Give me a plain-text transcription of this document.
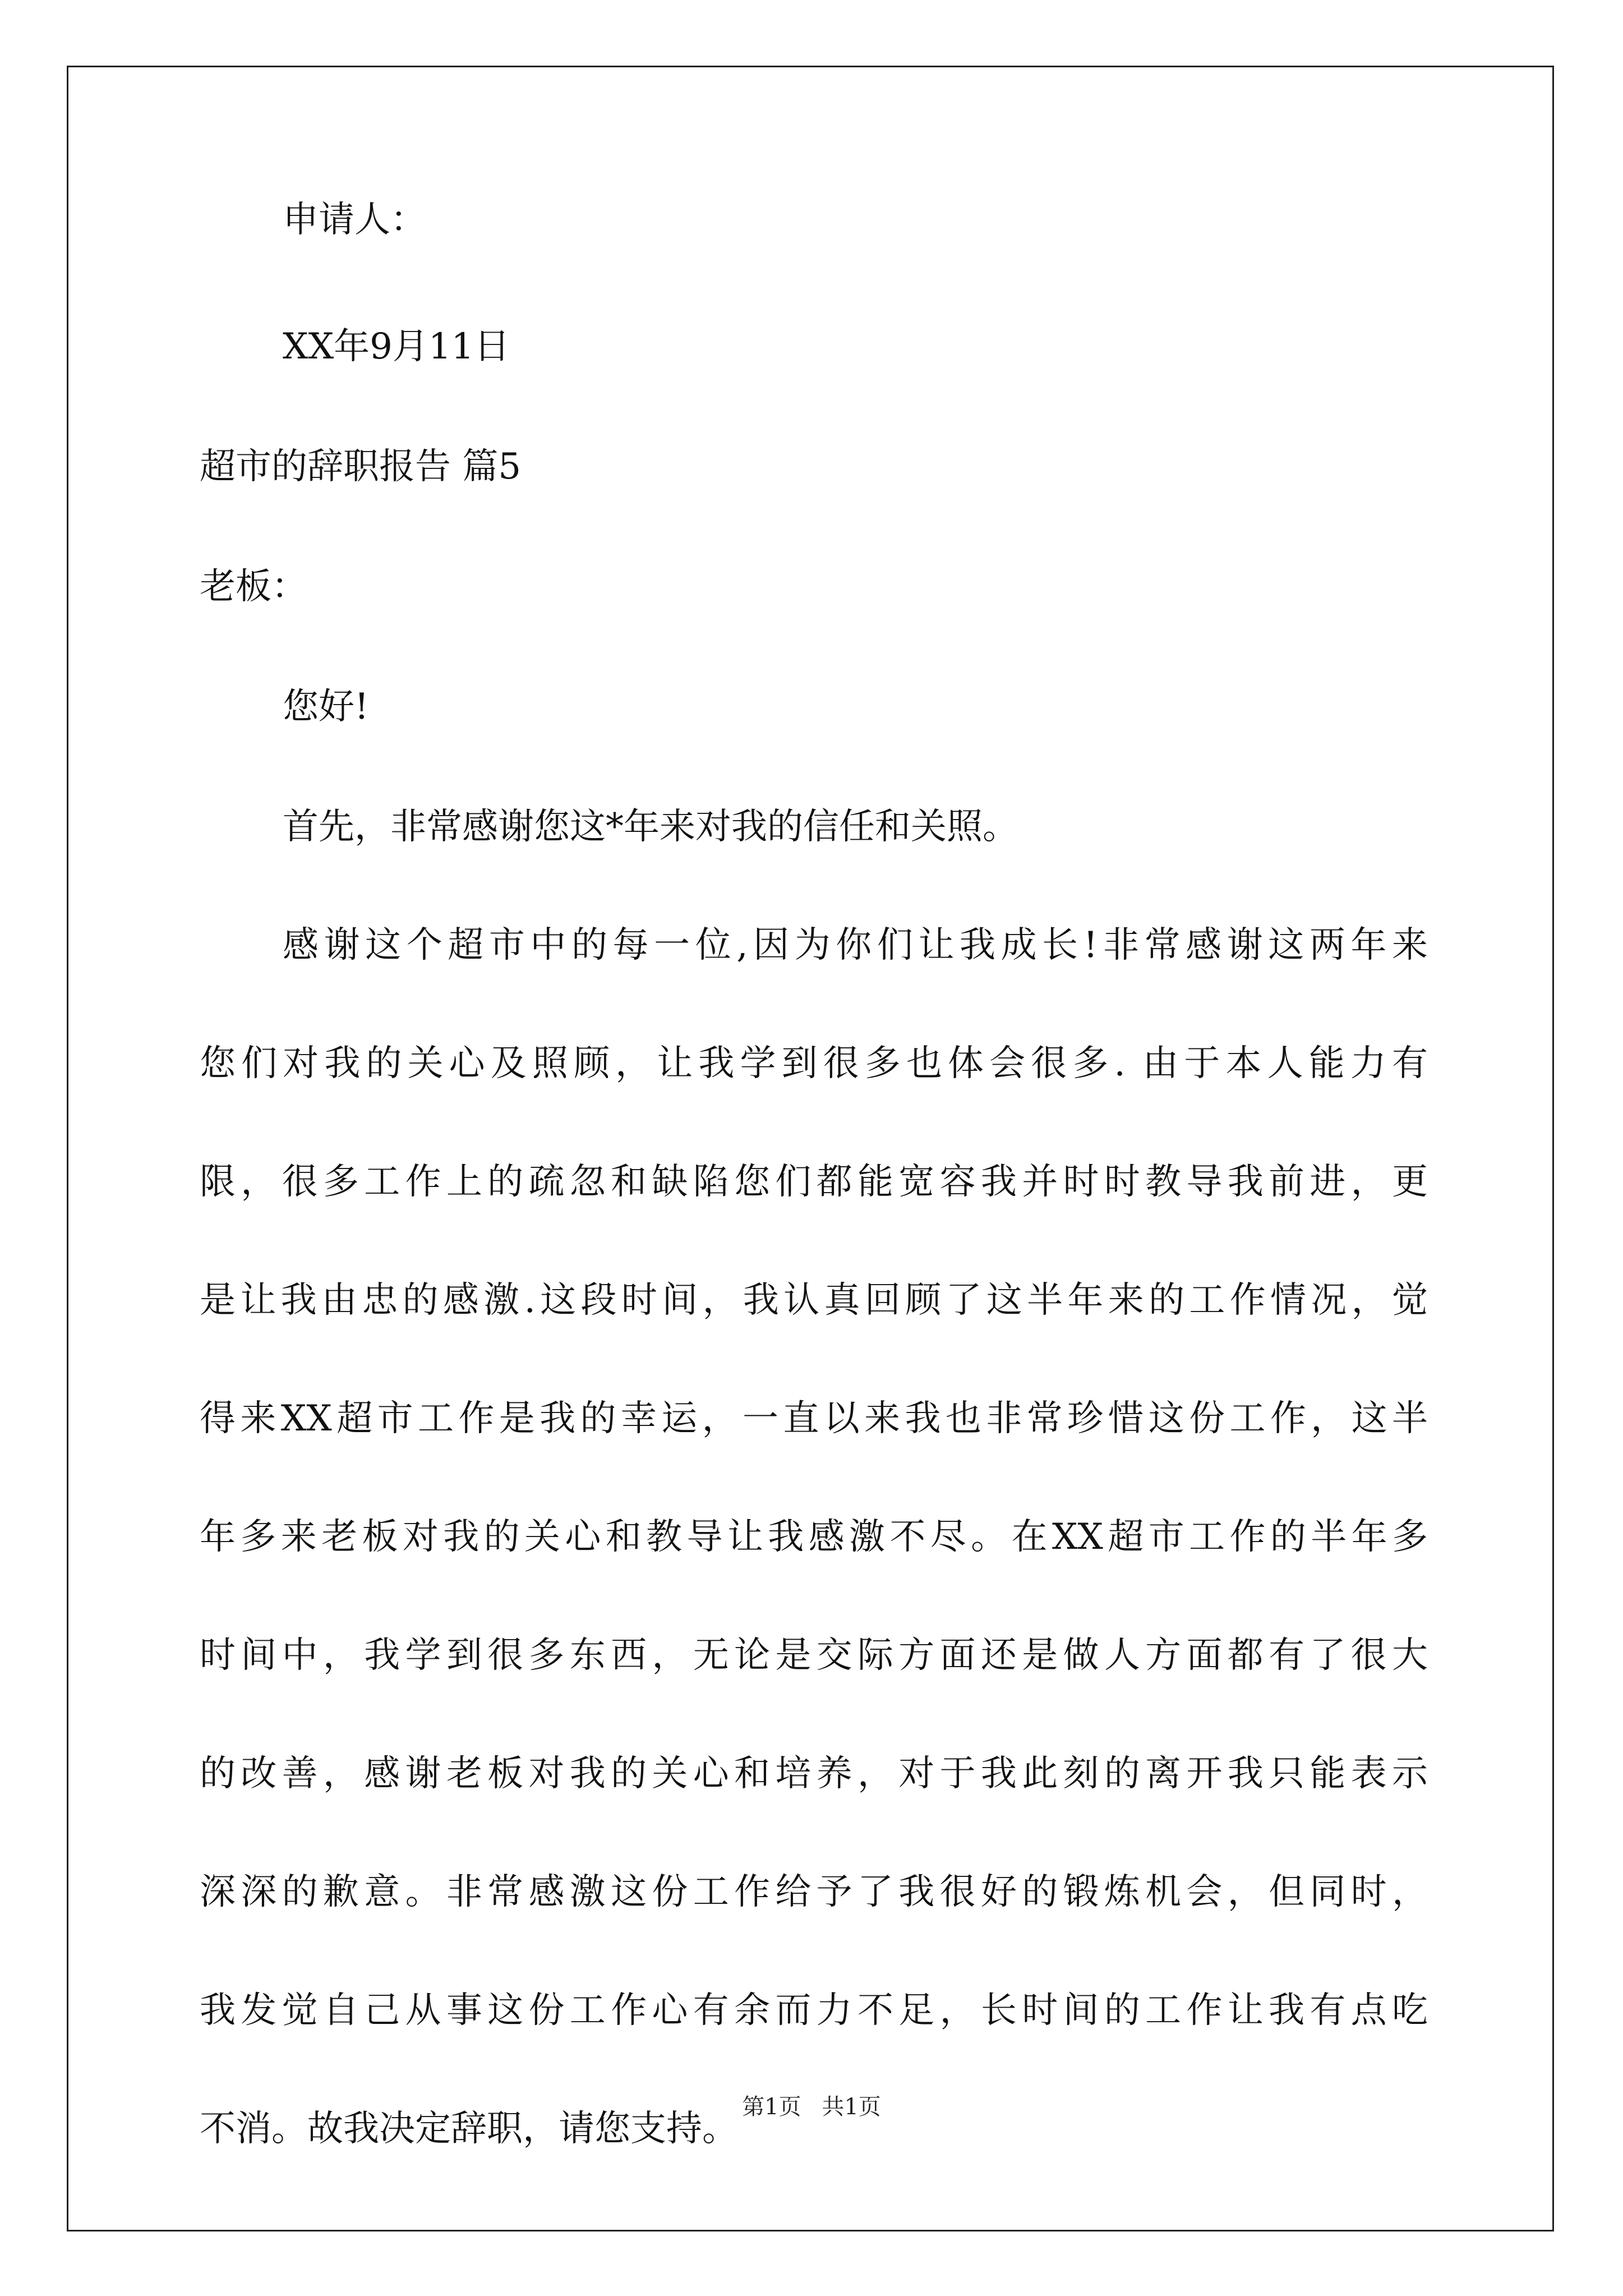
申请人：

XX年9月11日

超市的辞职报告 篇5

老板：

您好!

首先，非常感谢您这*年来对我的信任和关照。

感谢这个超市中的每一位,因为你们让我成长!非常感谢这两年来
您们对我的关心及照顾，让我学到很多也体会很多. 由于本人能力有
限，很多工作上的疏忽和缺陷您们都能宽容我并时时教导我前进，更
是让我由忠的感激.这段时间，我认真回顾了这半年来的工作情况，觉
得来XX超市工作是我的幸运，一直以来我也非常珍惜这份工作，这半
年多来老板对我的关心和教导让我感激不尽。在XX超市工作的半年多
时间中，我学到很多东西，无论是交际方面还是做人方面都有了很大
的改善，感谢老板对我的关心和培养，对于我此刻的离开我只能表示
深深的歉意。非常感激这份工作给予了我很好的锻炼机会，但同时，
我发觉自己从事这份工作心有余而力不足，长时间的工作让我有点吃
不消。故我决定辞职，请您支持。
第1页 共1页
